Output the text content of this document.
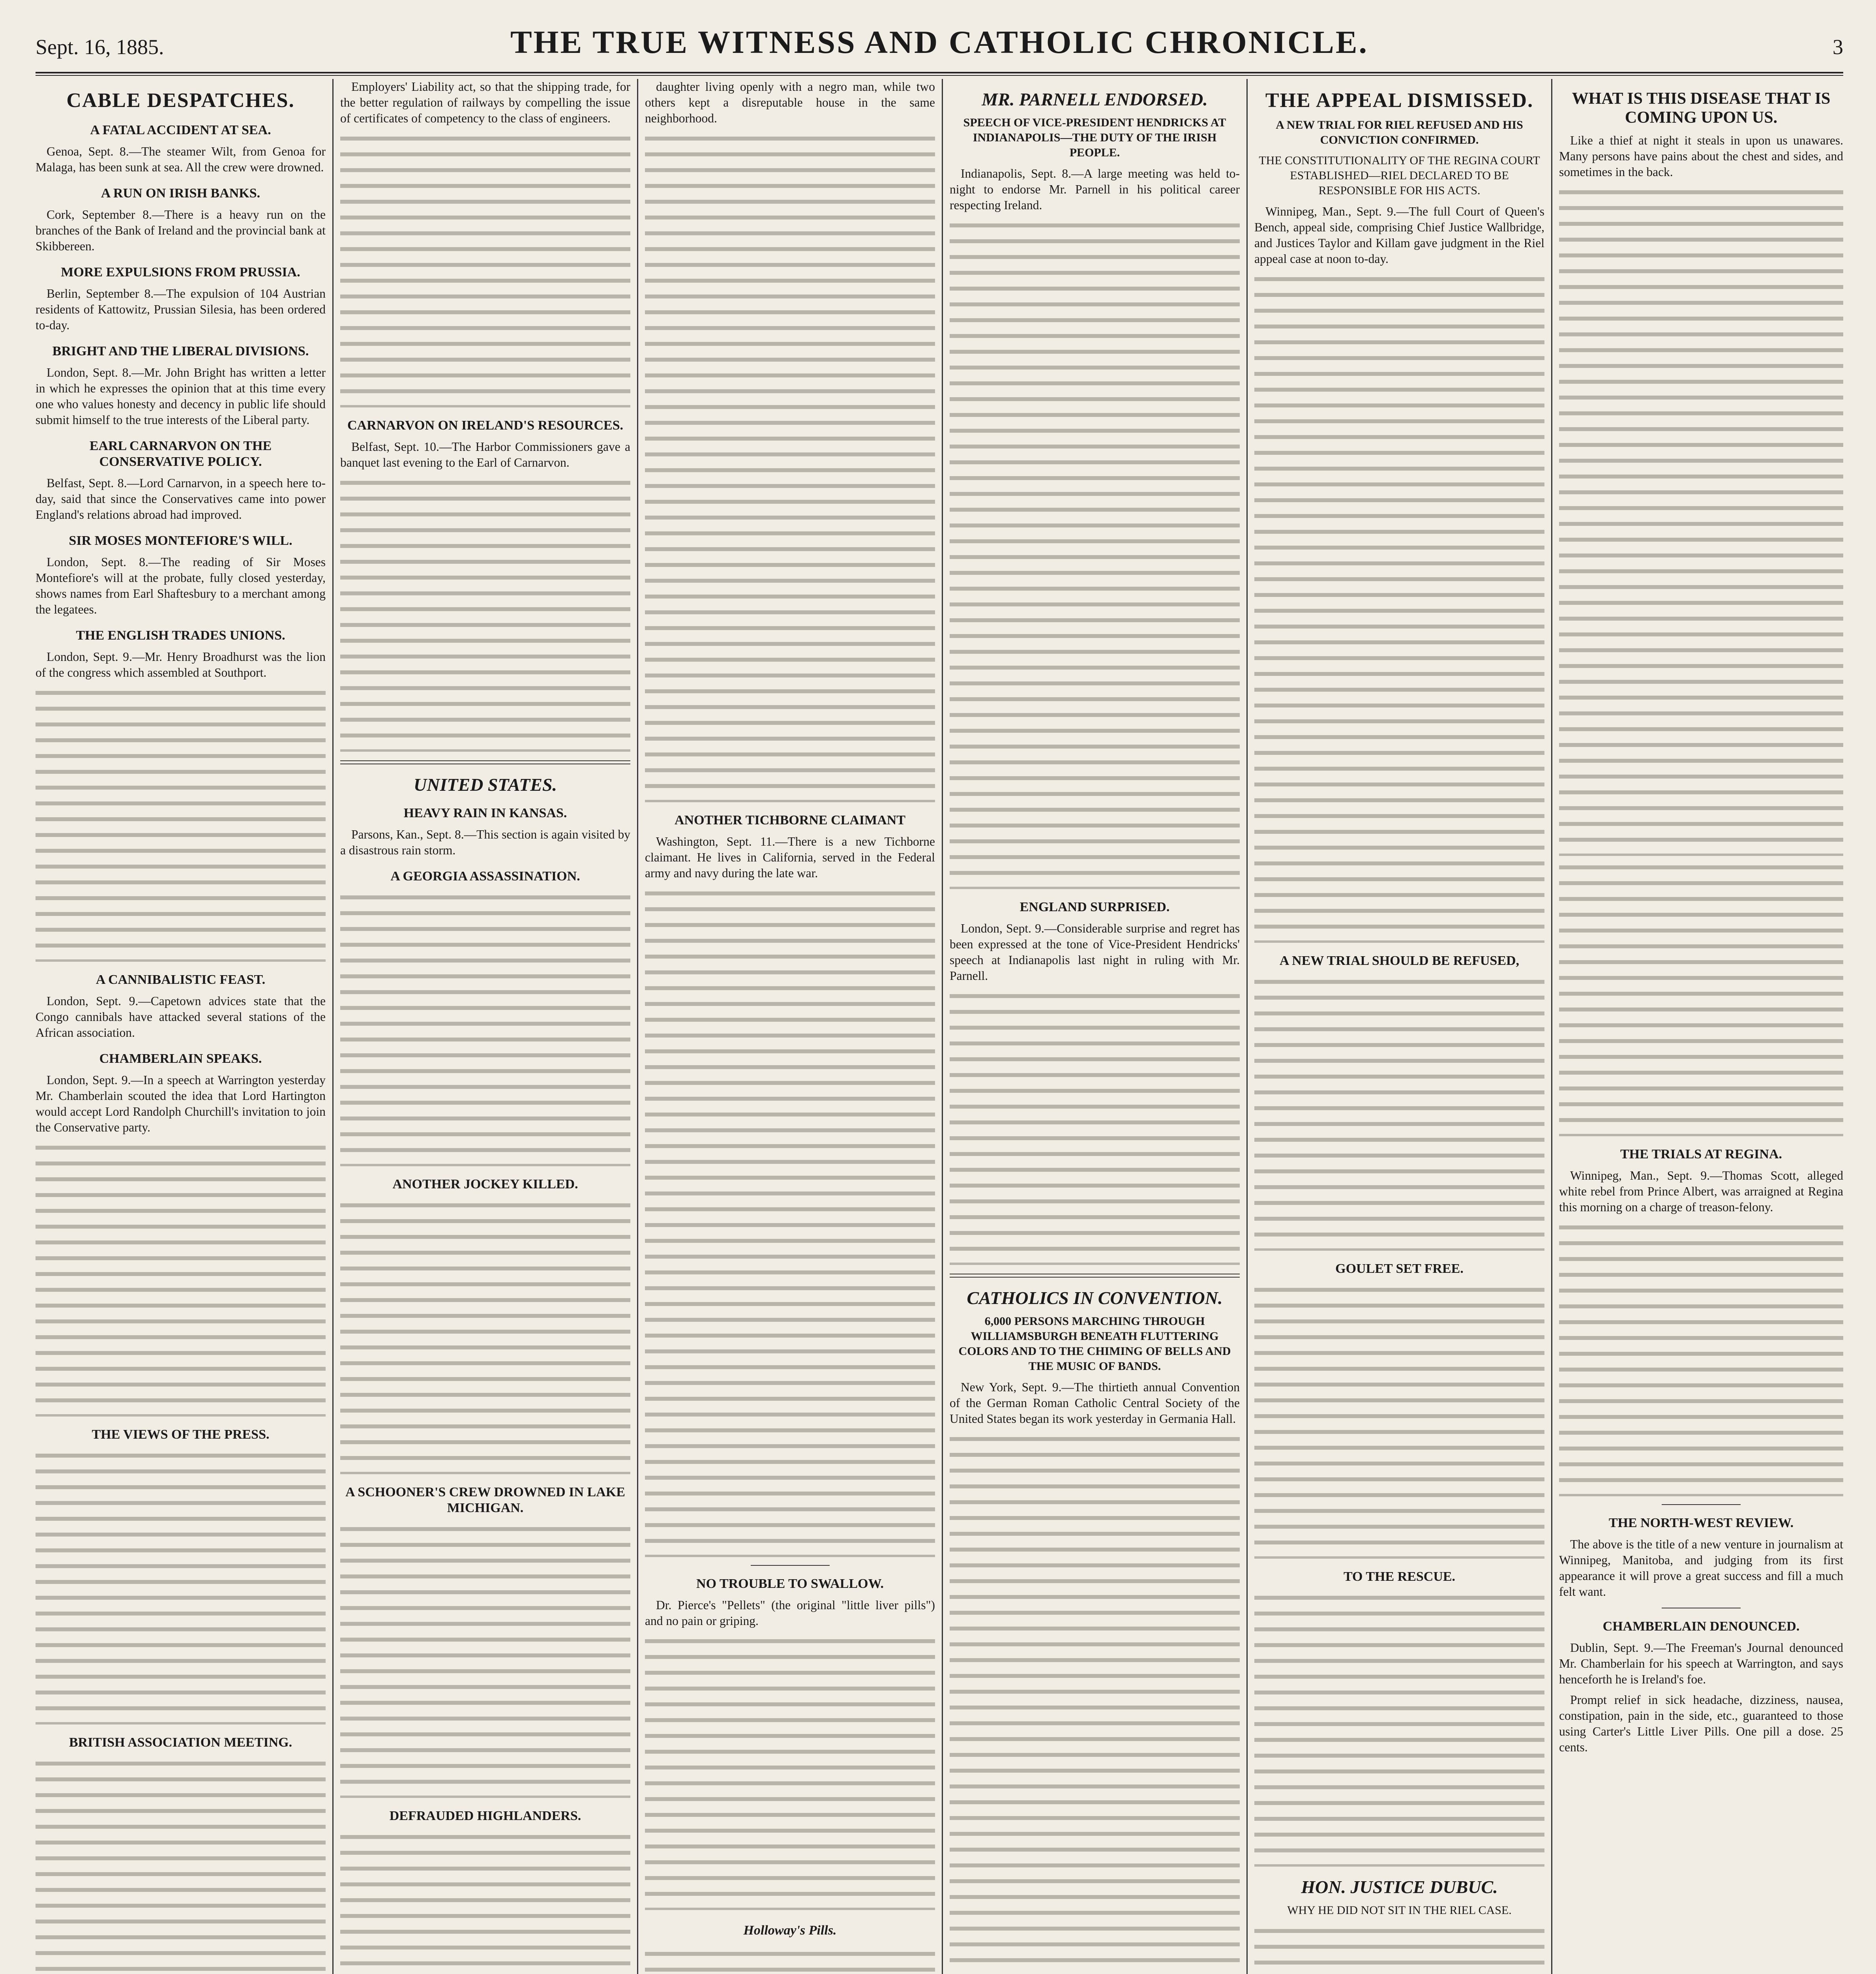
Sept. 16, 1885.	THE TRUE WITNESS AND CATHOLIC CHRONICLE.	3
CABLE DESPATCHES.
A FATAL ACCIDENT AT SEA.

Genoa, Sept. 8.—The steamer Wilt, from Genoa for Malaga, has been sunk at sea. All the crew were drowned.

A RUN ON IRISH BANKS.

Cork, September 8.—There is a heavy run on the branches of the Bank of Ireland and the provincial bank at Skibbereen.

MORE EXPULSIONS FROM PRUSSIA.

Berlin, September 8.—The expulsion of 104 Austrian residents of Kattowitz, Prussian Silesia, has been ordered to-day.

BRIGHT AND THE LIBERAL DIVISIONS.

London, Sept. 8.—Mr. John Bright has written a letter in which he expresses the opinion that at this time every one who values honesty and decency in public life should submit himself to the true interests of the Liberal party.

EARL CARNARVON ON THE CONSERVATIVE POLICY.

Belfast, Sept. 8.—Lord Carnarvon, in a speech here to-day, said that since the Conservatives came into power England's relations abroad had improved.

SIR MOSES MONTEFIORE'S WILL.

London, Sept. 8.—The reading of Sir Moses Montefiore's will at the probate, fully closed yesterday, shows names from Earl Shaftesbury to a merchant among the legatees.

THE ENGLISH TRADES UNIONS.

London, Sept. 9.—Mr. Henry Broadhurst was the lion of the congress which assembled at Southport.

A CANNIBALISTIC FEAST.

London, Sept. 9.—Capetown advices state that the Congo cannibals have attacked several stations of the African association.

CHAMBERLAIN SPEAKS.

London, Sept. 9.—In a speech at Warrington yesterday Mr. Chamberlain scouted the idea that Lord Hartington would accept Lord Randolph Churchill's invitation to join the Conservative party.

THE VIEWS OF THE PRESS.
BRITISH ASSOCIATION MEETING.

Employers' Liability act, so that the shipping trade, for the better regulation of railways by compelling the issue of certificates of competency to the class of engineers.

CARNARVON ON IRELAND'S RESOURCES.

Belfast, Sept. 10.—The Harbor Commissioners gave a banquet last evening to the Earl of Carnarvon.

UNITED STATES.
HEAVY RAIN IN KANSAS.

Parsons, Kan., Sept. 8.—This section is again visited by a disastrous rain storm.

A GEORGIA ASSASSINATION.
ANOTHER JOCKEY KILLED.
A SCHOONER'S CREW DROWNED IN LAKE MICHIGAN.
DEFRAUDED HIGHLANDERS.

daughter living openly with a negro man, while two others kept a disreputable house in the same neighborhood.

ANOTHER TICHBORNE CLAIMANT

Washington, Sept. 11.—There is a new Tichborne claimant. He lives in California, served in the Federal army and navy during the late war.

NO TROUBLE TO SWALLOW.

Dr. Pierce's "Pellets" (the original "little liver pills") and no pain or griping.

Holloway's Pills.

MR. PARNELL ENDORSED.
SPEECH OF VICE-PRESIDENT HENDRICKS AT INDIANAPOLIS—THE DUTY OF THE IRISH PEOPLE.

Indianapolis, Sept. 8.—A large meeting was held to-night to endorse Mr. Parnell in his political career respecting Ireland.

ENGLAND SURPRISED.

London, Sept. 9.—Considerable surprise and regret has been expressed at the tone of Vice-President Hendricks' speech at Indianapolis last night in ruling with Mr. Parnell.

CATHOLICS IN CONVENTION.
6,000 PERSONS MARCHING THROUGH WILLIAMSBURGH BENEATH FLUTTERING COLORS AND TO THE CHIMING OF BELLS AND THE MUSIC OF BANDS.

New York, Sept. 9.—The thirtieth annual Convention of the German Roman Catholic Central Society of the United States began its work yesterday in Germania Hall.

THE APPEAL DISMISSED.
A NEW TRIAL FOR RIEL REFUSED AND HIS CONVICTION CONFIRMED.
THE CONSTITUTIONALITY OF THE REGINA COURT ESTABLISHED—RIEL DECLARED TO BE RESPONSIBLE FOR HIS ACTS.

Winnipeg, Man., Sept. 9.—The full Court of Queen's Bench, appeal side, comprising Chief Justice Wallbridge, and Justices Taylor and Killam gave judgment in the Riel appeal case at noon to-day.

A NEW TRIAL SHOULD BE REFUSED,
GOULET SET FREE.
TO THE RESCUE.
HON. JUSTICE DUBUC.
WHY HE DID NOT SIT IN THE RIEL CASE.

WHAT IS THIS DISEASE THAT IS COMING UPON US.

Like a thief at night it steals in upon us unawares. Many persons have pains about the chest and sides, and sometimes in the back.

THE TRIALS AT REGINA.

Winnipeg, Man., Sept. 9.—Thomas Scott, alleged white rebel from Prince Albert, was arraigned at Regina this morning on a charge of treason-felony.

THE NORTH-WEST REVIEW.

The above is the title of a new venture in journalism at Winnipeg, Manitoba, and judging from its first appearance it will prove a great success and fill a much felt want.

CHAMBERLAIN DENOUNCED.

Dublin, Sept. 9.—The Freeman's Journal denounced Mr. Chamberlain for his speech at Warrington, and says henceforth he is Ireland's foe.

Prompt relief in sick headache, dizziness, nausea, constipation, pain in the side, etc., guaranteed to those using Carter's Little Liver Pills. One pill a dose. 25 cents.
